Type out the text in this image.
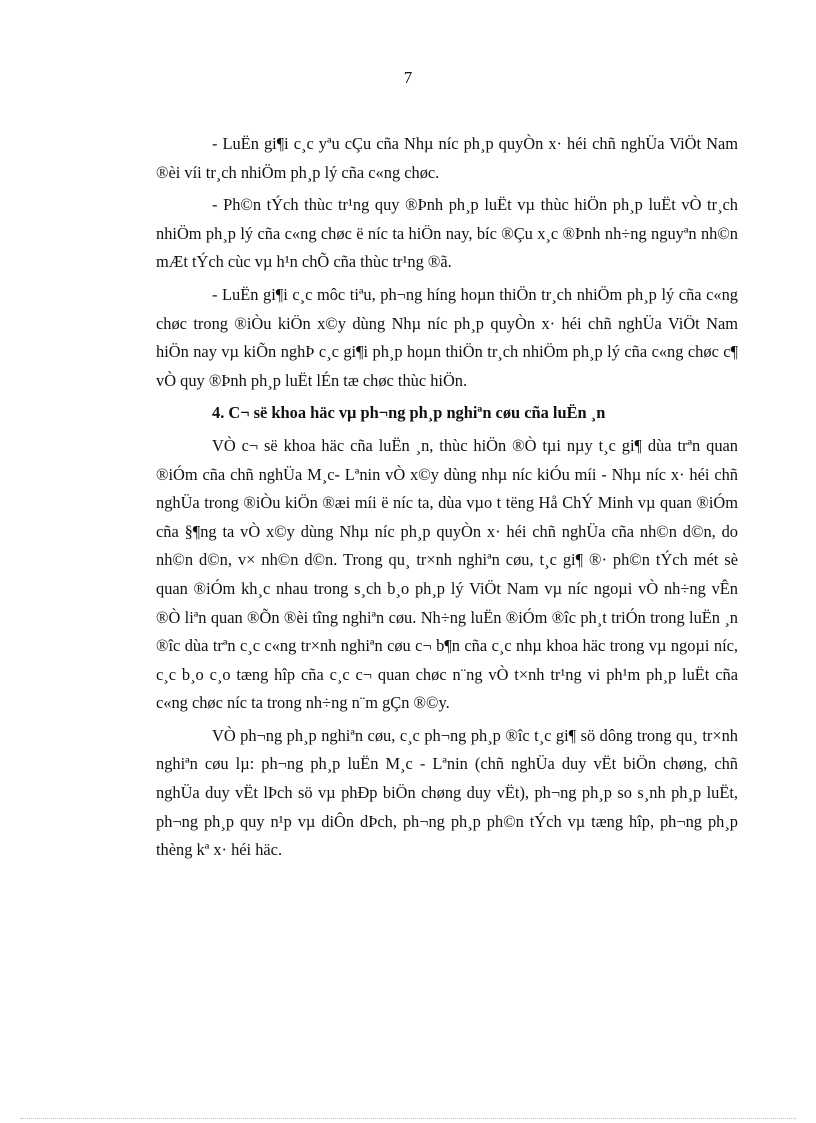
7

- LuËn gi¶i c¸c yªu cÇu cña Nhµ níc ph¸p quyÒn x· héi chñ nghÜa ViÖt Nam ®èi víi tr¸ch nhiÖm ph¸p lý cña c«ng chøc.

- Ph©n tÝch thùc tr¹ng quy ®Þnh ph¸p luËt vµ thùc hiÖn ph¸p luËt vÒ tr¸ch nhiÖm ph¸p lý cña c«ng chøc ë níc ta hiÖn nay, bíc ®Çu x¸c ®Þnh nh÷ng nguyªn nh©n mÆt tÝch cùc vµ h¹n chÕ cña thùc tr¹ng ®ã.

- LuËn gi¶i c¸c môc tiªu, ph¬ng híng hoµn thiÖn tr¸ch nhiÖm ph¸p lý cña c«ng chøc trong ®iÒu kiÖn x©y dùng Nhµ níc ph¸p quyÒn x· héi chñ nghÜa ViÖt Nam hiÖn nay vµ kiÕn nghÞ c¸c gi¶i ph¸p hoµn thiÖn tr¸ch nhiÖm ph¸p lý cña c«ng chøc c¶ vÒ quy ®Þnh ph¸p luËt lÉn tæ chøc thùc hiÖn.

4. C¬ së khoa häc vµ ph¬ng ph¸p nghiªn cøu cña luËn ¸n

VÒ c¬ së khoa häc cña luËn ¸n, thùc hiÖn ®Ò tµi nµy t¸c gi¶ dùa trªn quan ®iÓm cña chñ nghÜa M¸c- Lªnin vÒ x©y dùng nhµ níc kiÓu míi - Nhµ níc x· héi chñ nghÜa trong ®iÒu kiÖn ®æi míi ë níc ta, dùa vµo t tëng Hå ChÝ Minh vµ quan ®iÓm cña §¶ng ta vÒ x©y dùng Nhµ níc ph¸p quyÒn x· héi chñ nghÜa cña nh©n d©n, do nh©n d©n, v× nh©n d©n. Trong qu¸ tr×nh nghiªn cøu, t¸c gi¶ ®· ph©n tÝch mét sè quan ®iÓm kh¸c nhau trong s¸ch b¸o ph¸p lý ViÖt Nam vµ níc ngoµi vÒ nh÷ng vÊn ®Ò liªn quan ®Õn ®èi tîng nghiªn cøu. Nh÷ng luËn ®iÓm ®îc ph¸t triÓn trong luËn ¸n ®îc dùa trªn c¸c c«ng tr×nh nghiªn cøu c¬ b¶n cña c¸c nhµ khoa häc trong vµ ngoµi níc, c¸c b¸o c¸o tæng hîp cña c¸c c¬ quan chøc n¨ng vÒ t×nh tr¹ng vi ph¹m ph¸p luËt cña c«ng chøc níc ta trong nh÷ng n¨m gÇn ®©y.

VÒ ph¬ng ph¸p nghiªn cøu, c¸c ph¬ng ph¸p ®îc t¸c gi¶ sö dông trong qu¸ tr×nh nghiªn cøu lµ: ph¬ng ph¸p luËn M¸c - Lªnin (chñ nghÜa duy vËt biÖn chøng, chñ nghÜa duy vËt lÞch sö vµ phÐp biÖn chøng duy vËt), ph¬ng ph¸p so s¸nh ph¸p luËt, ph¬ng ph¸p quy n¹p vµ diÔn dÞch, ph¬ng ph¸p ph©n tÝch vµ tæng hîp, ph¬ng ph¸p thèng kª x· héi häc.
